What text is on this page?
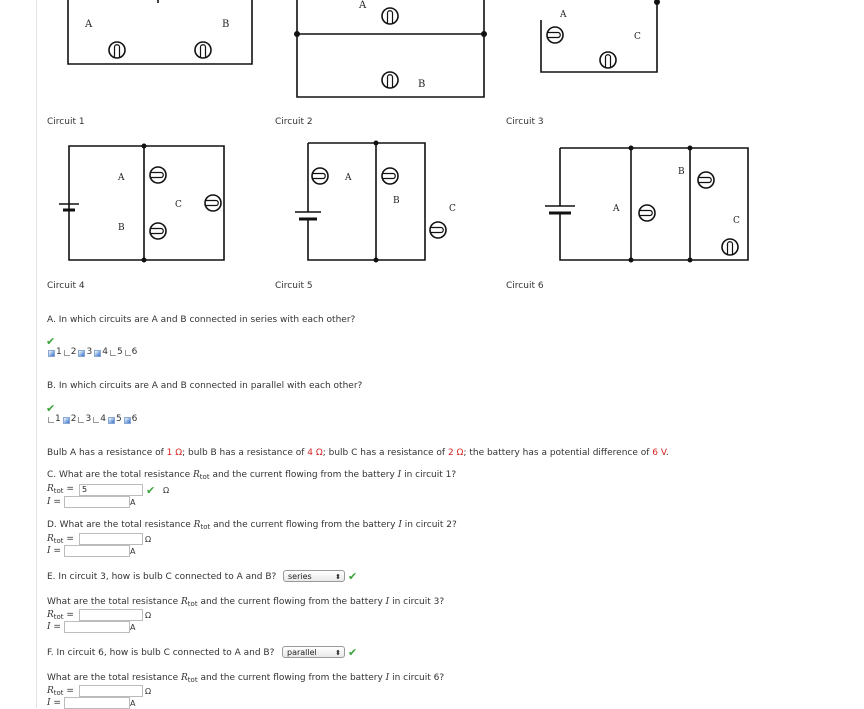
A	B
A
B
A
C
A
B
C
A
B
C	A
B
C
Circuit 1	Circuit 2	Circuit 3
Circuit 4	Circuit 5	Circuit 6
A. In which circuits are A and B connected in series with each other?
✔
1 2 3 4 5 6
B. In which circuits are A and B connected in parallel with each other?
✔
1 2 3 4 5 6
Bulb A has a resistance of 1 Ω; bulb B has a resistance of 4 Ω; bulb C has a resistance of 2 Ω; the battery has a potential difference of 6 V.
C. What are the total resistance $R_{tot}$ and the current flowing from the battery I in circuit 1?
$R_{tot}$ =	5	✔ Ω
I =	A
D. What are the total resistance $R_{tot}$ and the current flowing from the battery I in circuit 2?
$R_{tot}$ =	Ω
I =	A
E. In circuit 3, how is bulb C connected to A and B?	series	⬍ ✔
What are the total resistance $R_{tot}$ and the current flowing from the battery I in circuit 3?
$R_{tot}$ =	Ω
I =	A
F. In circuit 6, how is bulb C connected to A and B?	parallel	⬍ ✔
What are the total resistance $R_{tot}$ and the current flowing from the battery I in circuit 6?
$R_{tot}$ =	Ω
I =	A
